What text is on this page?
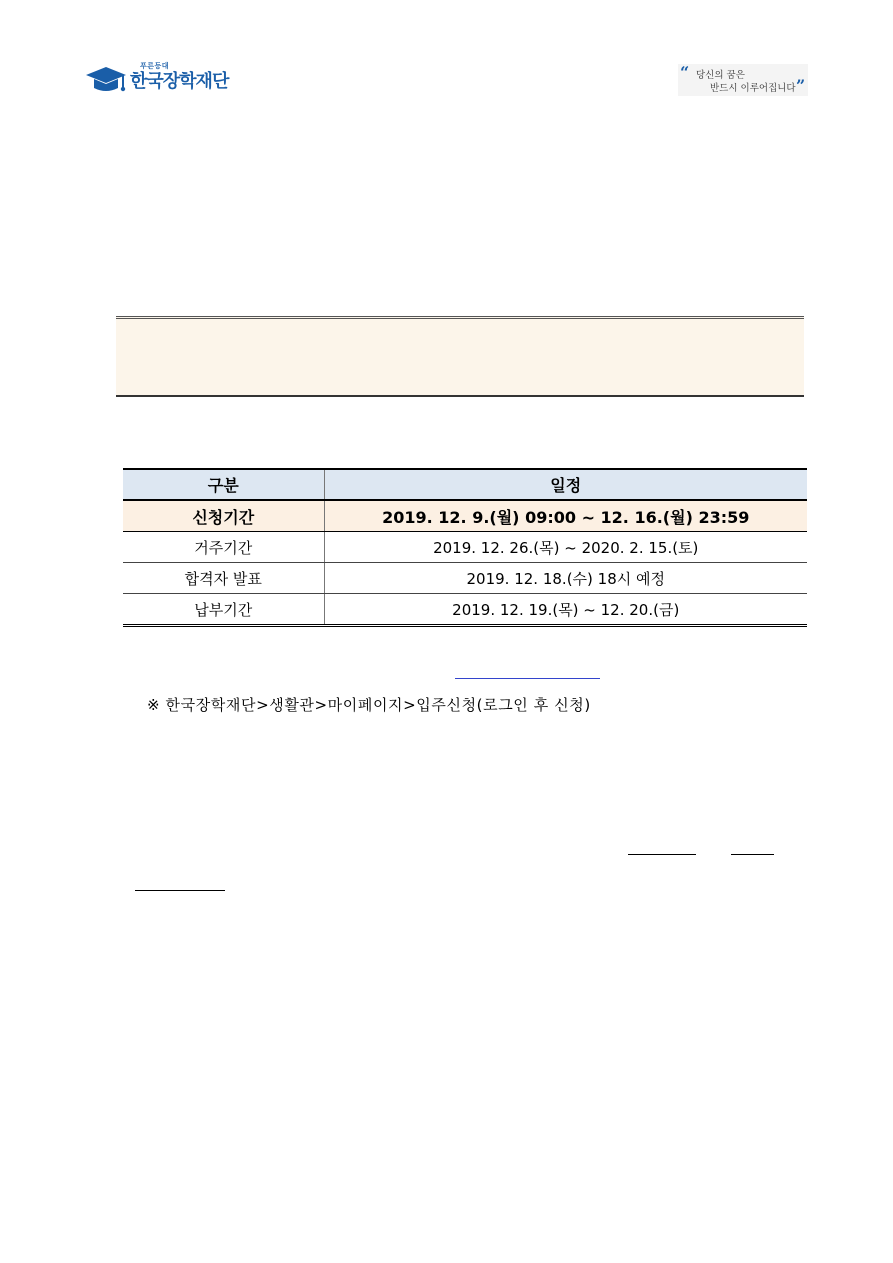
푸른등대
한국장학재단	“ 당신의 꿈은
반드시 이루어집니다 ”
구분	일정
신청기간	2019. 12. 9.(월) 09:00 ~ 12. 16.(월) 23:59
거주기간	2019. 12. 26.(목) ~ 2020. 2. 15.(토)
합격자 발표	2019. 12. 18.(수) 18시 예정
납부기간	2019. 12. 19.(목) ~ 12. 20.(금)
※ 한국장학재단>생활관>마이페이지>입주신청(로그인 후 신청)
